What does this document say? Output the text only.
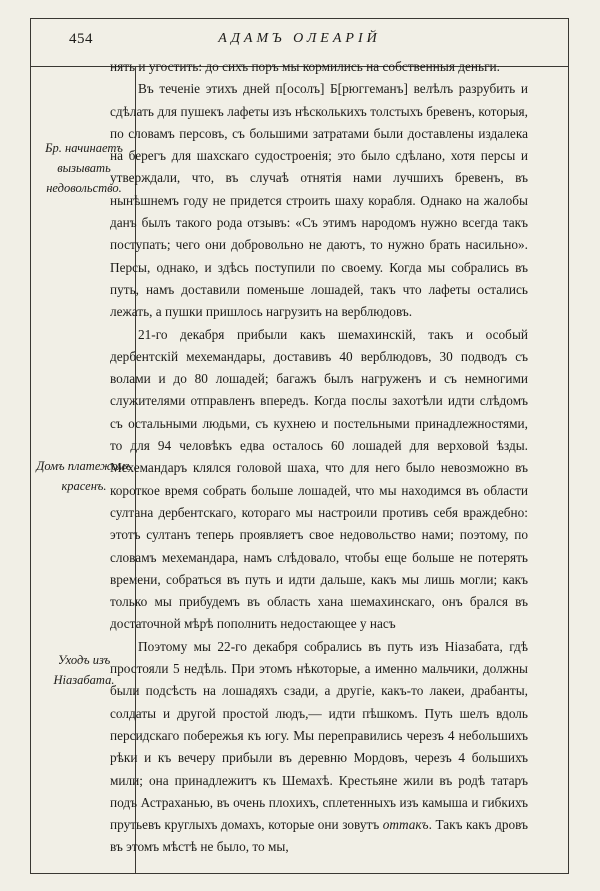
454	АДАМЪ ОЛЕАРІЙ
Бр. начинаетъ вызывать недовольство.
Домъ платежомъ красенъ.
Уходъ изъ Ніазабата.

нять и угостить: до сихъ поръ мы кормились на собственныя деньги.

Въ теченіе этихъ дней п[осолъ] Б[рюггеманъ] велѣлъ разрубить и сдѣлать для пушекъ лафеты изъ нѣсколькихъ толстыхъ бревенъ, которыя, по словамъ персовъ, съ большими затратами были доставлены издалека на берегъ для шахскаго судостроенія; это было сдѣлано, хотя персы и утверждали, что, въ случаѣ отнятія нами лучшихъ бревенъ, въ нынѣшнемъ году не придется строить шаху корабля. Однако на жалобы данъ былъ такого рода отзывъ: «Съ этимъ народомъ нужно всегда такъ поступать; чего они добровольно не даютъ, то нужно брать насильно». Персы, однако, и здѣсь поступили по своему. Когда мы собрались въ путь, намъ доставили поменьше лошадей, такъ что лафеты остались лежать, а пушки пришлось нагрузить на верблюдовъ.

21-го декабря прибыли какъ шемахинскій, такъ и особый дербентскій мехемандары, доставивъ 40 верблюдовъ, 30 подводъ съ волами и до 80 лошадей; багажъ былъ нагруженъ и съ немногими служителями отправленъ впередъ. Когда послы захотѣли идти слѣдомъ съ остальными людьми, съ кухнею и постельными принадлежностями, то для 94 человѣкъ едва осталось 60 лошадей для верховой ѣзды. Мехемандаръ клялся головой шаха, что для него было невозможно въ короткое время собрать больше лошадей, что мы находимся въ области султана дербентскаго, котораго мы настроили противъ себя враждебно: этотъ султанъ теперь проявляетъ свое недовольство нами; поэтому, по словамъ мехемандара, намъ слѣдовало, чтобы еще больше не потерять времени, собраться въ путь и идти дальше, какъ мы лишь могли; какъ только мы прибудемъ въ область хана шемахинскаго, онъ брался въ достаточной мѣрѣ пополнить недостающее у насъ

Поэтому мы 22-го декабря собрались въ путь изъ Ніазабата, гдѣ простояли 5 недѣль. При этомъ нѣкоторые, а именно мальчики, должны были подсѣсть на лошадяхъ сзади, а другіе, какъ-то лакеи, драбанты, солдаты и другой простой людъ,— идти пѣшкомъ. Путь шелъ вдоль персидскаго побережья къ югу. Мы переправились черезъ 4 небольшихъ рѣки и къ вечеру прибыли въ деревню Мордовъ, черезъ 4 большихъ мили; она принадлежитъ къ Шемахѣ. Крестьяне жили въ родѣ татаръ подъ Астраханью, въ очень плохихъ, сплетенныхъ изъ камыша и гибкихъ прутьевъ круглыхъ домахъ, которые они зовутъ оттакъ. Такъ какъ дровъ въ этомъ мѣстѣ не было, то мы,
